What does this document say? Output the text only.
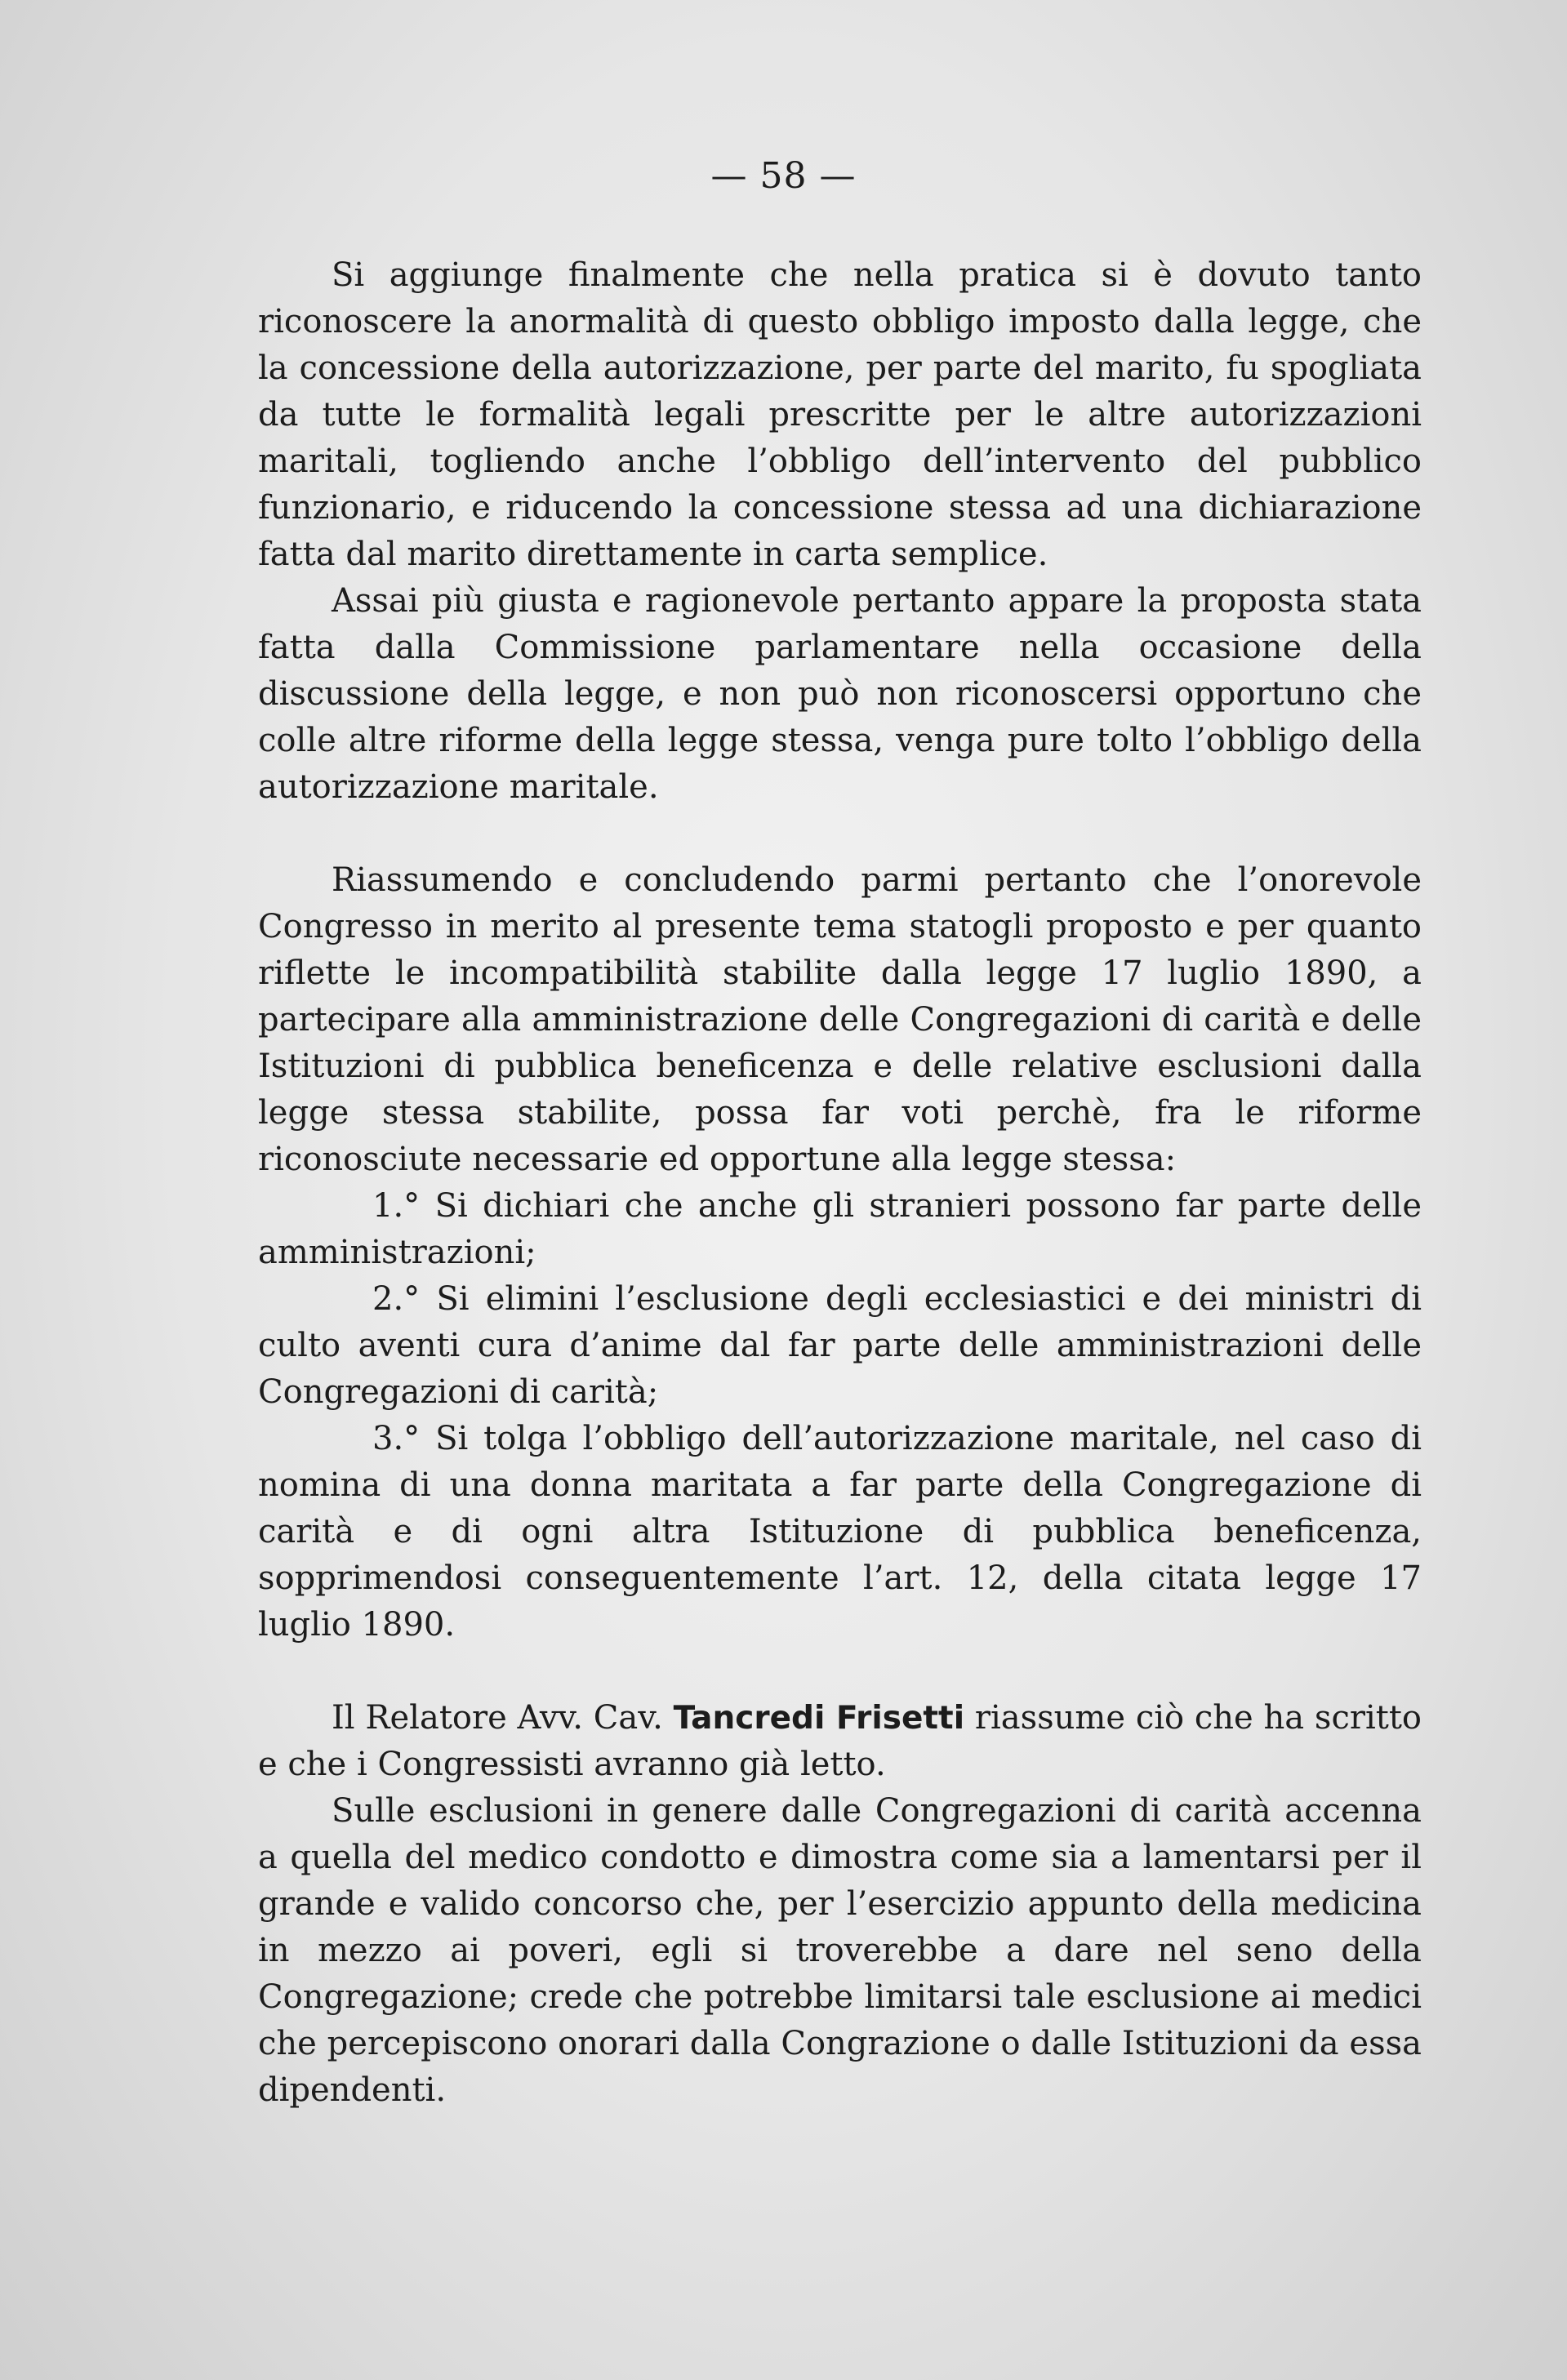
— 58 —

Si aggiunge finalmente che nella pratica si è dovuto tanto riconoscere la anormalità di questo obbligo imposto dalla legge, che la concessione della autorizzazione, per parte del marito, fu spogliata da tutte le formalità legali prescritte per le altre autorizzazioni maritali, togliendo anche l’obbligo dell’intervento del pubblico funzionario, e riducendo la concessione stessa ad una dichiarazione fatta dal marito direttamente in carta semplice.

Assai più giusta e ragionevole pertanto appare la proposta stata fatta dalla Commissione parlamentare nella occasione della discussione della legge, e non può non riconoscersi opportuno che colle altre riforme della legge stessa, venga pure tolto l’obbligo della autorizzazione maritale.

Riassumendo e concludendo parmi pertanto che l’onorevole Congresso in merito al presente tema statogli proposto e per quanto riflette le incompatibilità stabilite dalla legge 17 luglio 1890, a partecipare alla amministrazione delle Congregazioni di carità e delle Istituzioni di pubblica beneficenza e delle relative esclusioni dalla legge stessa stabilite, possa far voti perchè, fra le riforme riconosciute necessarie ed opportune alla legge stessa:

1.° Si dichiari che anche gli stranieri possono far parte delle amministrazioni;

2.° Si elimini l’esclusione degli ecclesiastici e dei ministri di culto aventi cura d’anime dal far parte delle amministrazioni delle Congregazioni di carità;

3.° Si tolga l’obbligo dell’autorizzazione maritale, nel caso di nomina di una donna maritata a far parte della Congregazione di carità e di ogni altra Istituzione di pubblica beneficenza, sopprimendosi conseguentemente l’art. 12, della citata legge 17 luglio 1890.

Il Relatore Avv. Cav. Tancredi Frisetti riassume ciò che ha scritto e che i Congressisti avranno già letto.

Sulle esclusioni in genere dalle Congregazioni di carità accenna a quella del medico condotto e dimostra come sia a lamentarsi per il grande e valido concorso che, per l’esercizio appunto della medicina in mezzo ai poveri, egli si troverebbe a dare nel seno della Congregazione; crede che potrebbe limitarsi tale esclusione ai medici che percepiscono onorari dalla Congrazione o dalle Istituzioni da essa dipendenti.
